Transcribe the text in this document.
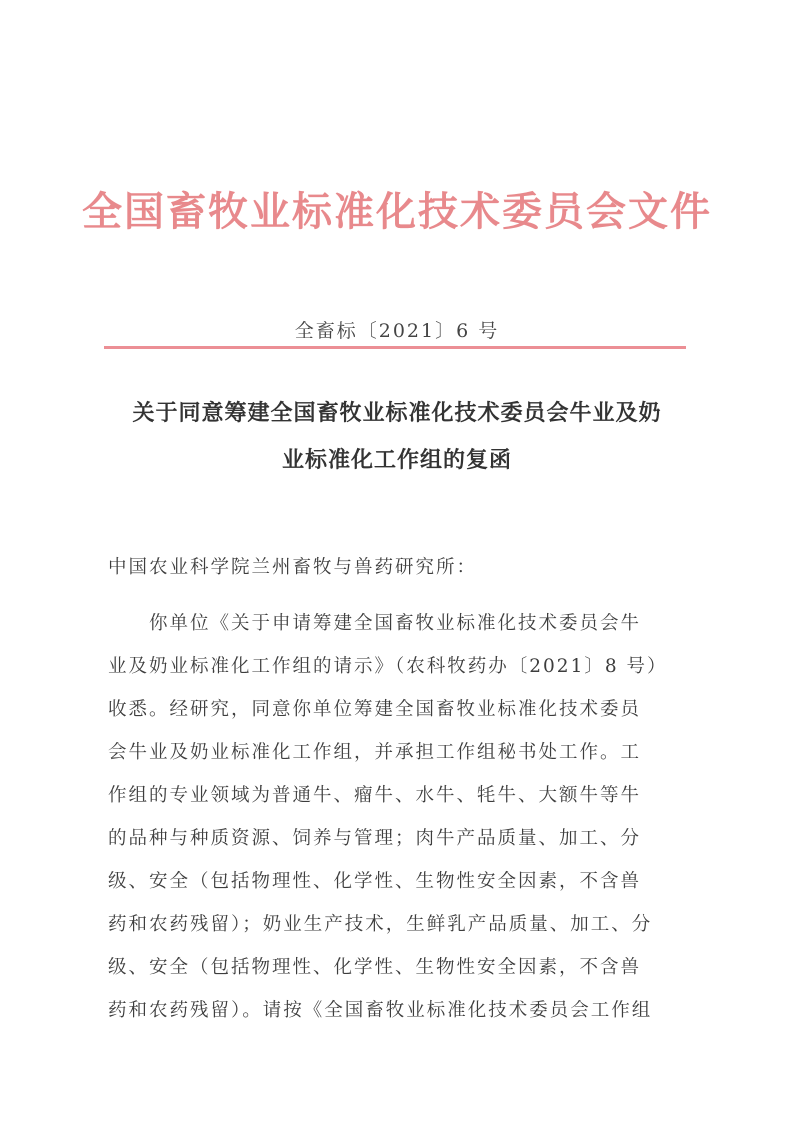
全国畜牧业标准化技术委员会文件
全畜标〔2021〕6 号
关于同意筹建全国畜牧业标准化技术委员会牛业及奶
业标准化工作组的复函
中国农业科学院兰州畜牧与兽药研究所：
　　你单位《关于申请筹建全国畜牧业标准化技术委员会牛
业及奶业标准化工作组的请示》（农科牧药办〔2021〕8 号）
收悉。经研究，同意你单位筹建全国畜牧业标准化技术委员
会牛业及奶业标准化工作组，并承担工作组秘书处工作。工
作组的专业领域为普通牛、瘤牛、水牛、牦牛、大额牛等牛
的品种与种质资源、饲养与管理；肉牛产品质量、加工、分
级、安全（包括物理性、化学性、生物性安全因素，不含兽
药和农药残留）；奶业生产技术，生鲜乳产品质量、加工、分
级、安全（包括物理性、化学性、生物性安全因素，不含兽
药和农药残留）。请按《全国畜牧业标准化技术委员会工作组
